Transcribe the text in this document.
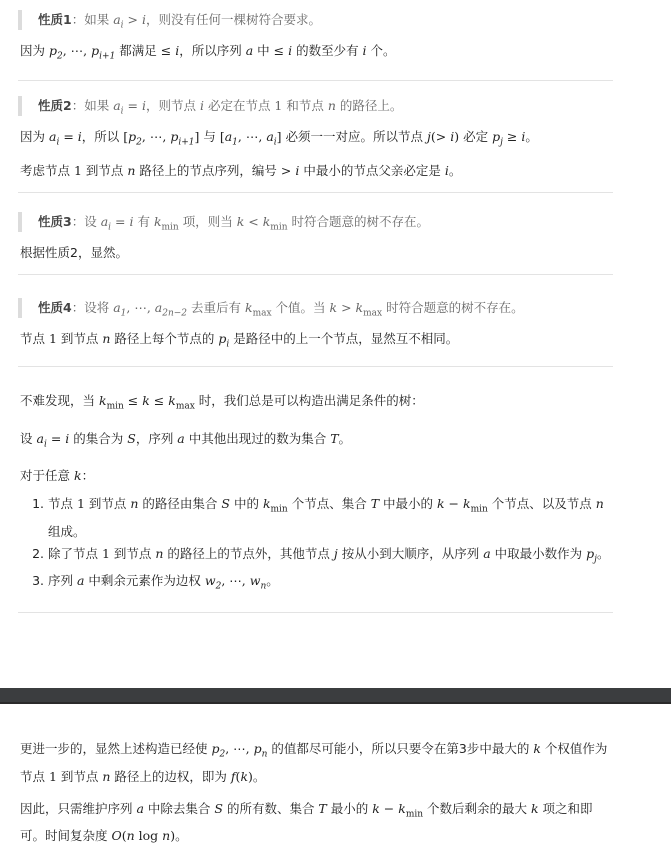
性质1：如果 $a_i > i$，则没有任何一棵树符合要求。
因为 $p_2$, ⋯, $p_{i+1}$ 都满足 ≤ i，所以序列 a 中 ≤ i 的数至少有 i 个。
性质2：如果 $a_i = i$，则节点 i 必定在节点 1 和节点 n 的路径上。
因为 $a_i = i$，所以 [$p_2$, ⋯, $p_{i+1}$] 与 [$a_1$, ⋯, $a_i$] 必须一一对应。所以节点 j(> i) 必定 $p_j \ge i$。
考虑节点 1 到节点 n 路径上的节点序列，编号 > i 中最小的节点父亲必定是 i。
性质3：设 $a_i = i$ 有 $k_{min}$ 项，则当 $k < k_{min}$ 时符合题意的树不存在。
根据性质2，显然。
性质4：设将 $a_1$, ⋯, $a_{2n-2}$ 去重后有 $k_{max}$ 个值。当 $k > k_{max}$ 时符合题意的树不存在。
节点 1 到节点 n 路径上每个节点的 $p_i$ 是路径中的上一个节点，显然互不相同。
不难发现，当 $k_{min} \le k \le k_{max}$ 时，我们总是可以构造出满足条件的树：
设 $a_i = i$ 的集合为 S，序列 a 中其他出现过的数为集合 T。
对于任意 k：
1. 节点 1 到节点 n 的路径由集合 S 中的 $k_{min}$ 个节点、集合 T 中最小的 $k - k_{min}$ 个节点、以及节点 n 组成。
2. 除了节点 1 到节点 n 的路径上的节点外，其他节点 j 按从小到大顺序，从序列 a 中取最小数作为 $p_j$。
3. 序列 a 中剩余元素作为边权 $w_2$, ⋯, $w_n$。
更进一步的，显然上述构造已经使 $p_2$, ⋯, $p_n$ 的值都尽可能小，所以只要令在第3步中最大的 k 个权值作为节点 1 到节点 n 路径上的边权，即为 f(k)。
因此，只需维护序列 a 中除去集合 S 的所有数、集合 T 最小的 $k - k_{min}$ 个数后剩余的最大 k 项之和即可。时间复杂度 O(n log n)。
